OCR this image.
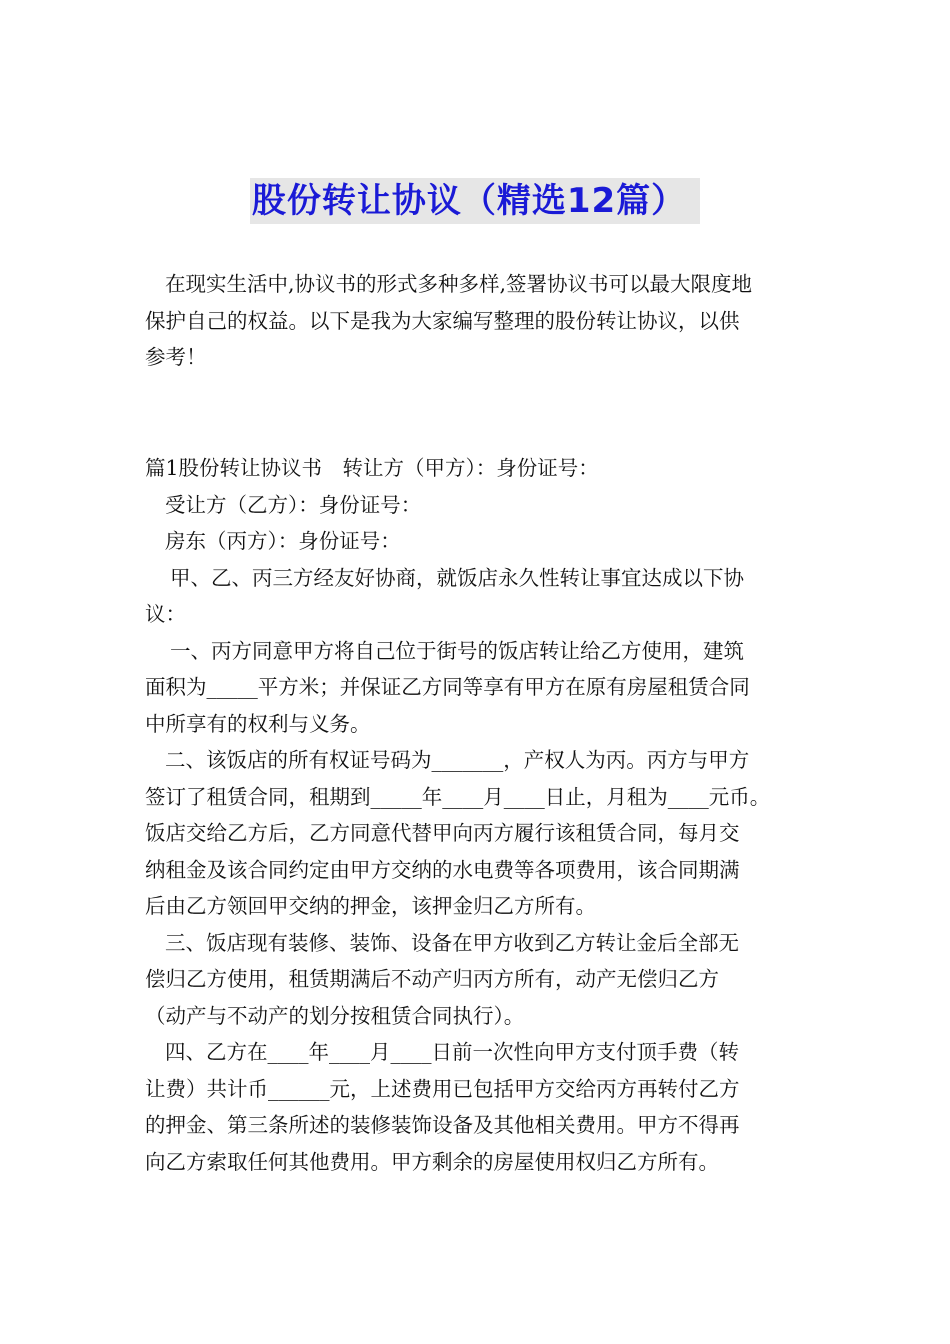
股份转让协议（精选12篇）
在现实生活中,协议书的形式多种多样,签署协议书可以最大限度地
保护自己的权益。以下是我为大家编写整理的股份转让协议，以供
参考！
篇1股份转让协议书　转让方（甲方）：身份证号：
受让方（乙方）：身份证号：
房东（丙方）：身份证号：
甲、乙、丙三方经友好协商，就饭店永久性转让事宜达成以下协
议：
一、丙方同意甲方将自己位于街号的饭店转让给乙方使用，建筑
面积为_____平方米；并保证乙方同等享有甲方在原有房屋租赁合同
中所享有的权利与义务。
二、该饭店的所有权证号码为_______，产权人为丙。丙方与甲方
签订了租赁合同，租期到_____年____月____日止，月租为____元币。
饭店交给乙方后，乙方同意代替甲向丙方履行该租赁合同，每月交
纳租金及该合同约定由甲方交纳的水电费等各项费用，该合同期满
后由乙方领回甲交纳的押金，该押金归乙方所有。
三、饭店现有装修、装饰、设备在甲方收到乙方转让金后全部无
偿归乙方使用，租赁期满后不动产归丙方所有，动产无偿归乙方
（动产与不动产的划分按租赁合同执行）。
四、乙方在____年____月____日前一次性向甲方支付顶手费（转
让费）共计币______元，上述费用已包括甲方交给丙方再转付乙方
的押金、第三条所述的装修装饰设备及其他相关费用。甲方不得再
向乙方索取任何其他费用。甲方剩余的房屋使用权归乙方所有。
